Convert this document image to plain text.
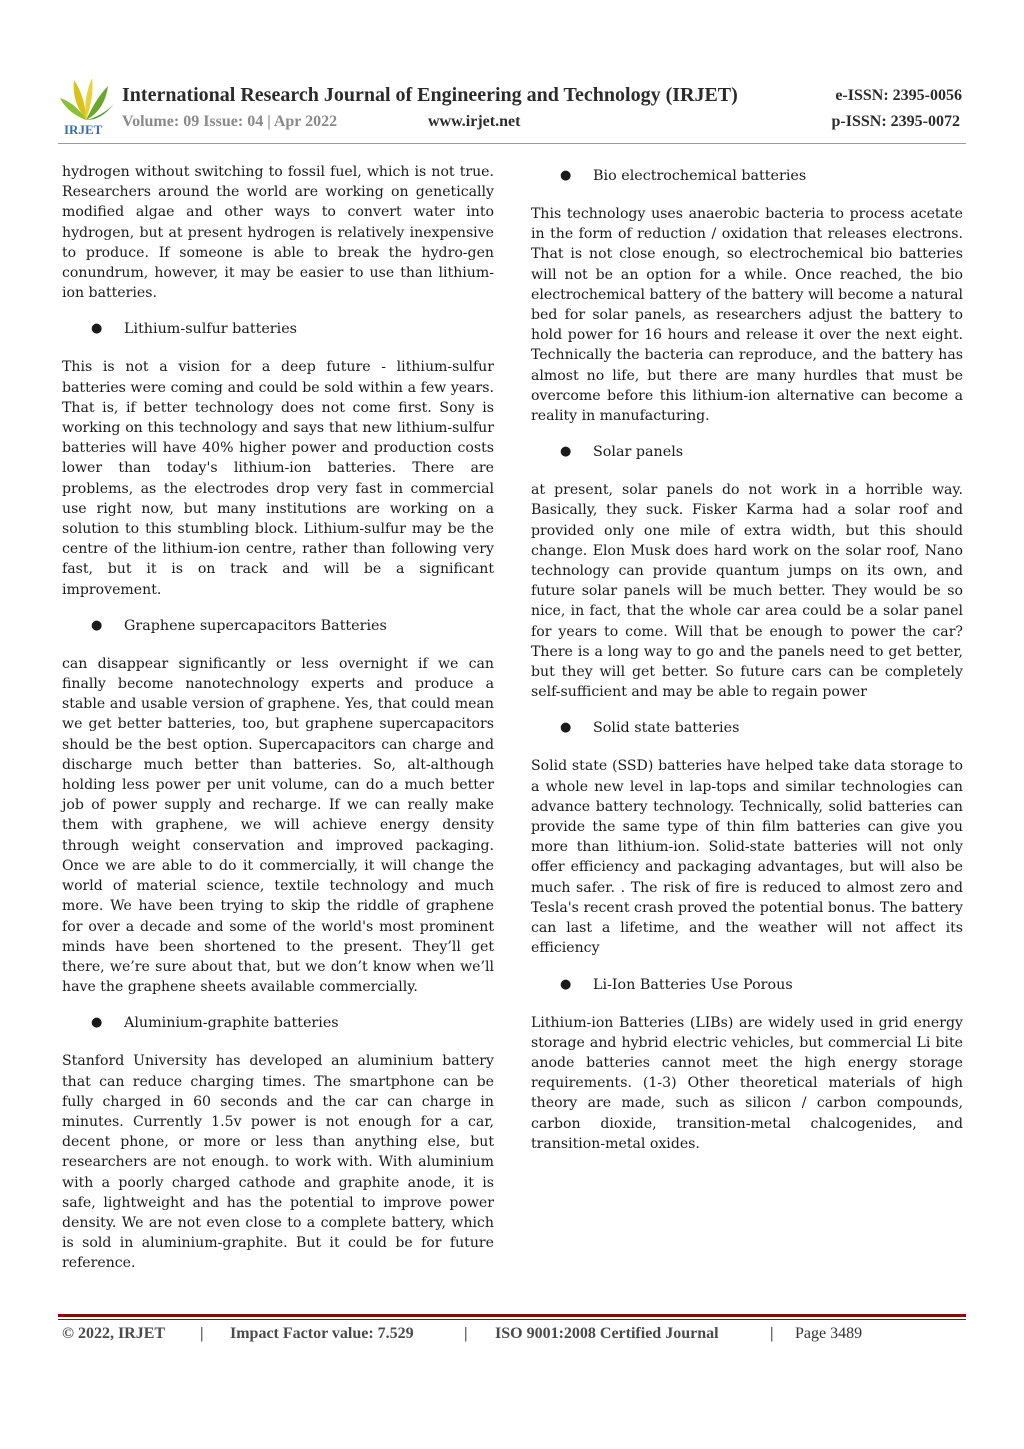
IRJET
International Research Journal of Engineering and Technology (IRJET)	e-ISSN: 2395-0056
Volume: 09 Issue: 04 | Apr 2022	www.irjet.net	p-ISSN: 2395-0072

hydrogen without switching to fossil fuel, which is not true. Researchers around the world are working on genetically modified algae and other ways to convert water into hydrogen, but at present hydrogen is relatively inexpensive to produce. If someone is able to break the hydro-gen conundrum, however, it may be easier to use than lithium-ion batteries.

● Lithium-sulfur batteries

This is not a vision for a deep future - lithium-sulfur batteries were coming and could be sold within a few years. That is, if better technology does not come first. Sony is working on this technology and says that new lithium-sulfur batteries will have 40% higher power and production costs lower than today's lithium-ion batteries. There are problems, as the electrodes drop very fast in commercial use right now, but many institutions are working on a solution to this stumbling block. Lithium-sulfur may be the centre of the lithium-ion centre, rather than following very fast, but it is on track and will be a significant improvement.

● Graphene supercapacitors Batteries

can disappear significantly or less overnight if we can finally become nanotechnology experts and produce a stable and usable version of graphene. Yes, that could mean we get better batteries, too, but graphene supercapacitors should be the best option. Supercapacitors can charge and discharge much better than batteries. So, alt-although holding less power per unit volume, can do a much better job of power supply and recharge. If we can really make them with graphene, we will achieve energy density through weight conservation and improved packaging. Once we are able to do it commercially, it will change the world of material science, textile technology and much more. We have been trying to skip the riddle of graphene for over a decade and some of the world's most prominent minds have been shortened to the present. They’ll get there, we’re sure about that, but we don’t know when we’ll have the graphene sheets available commercially.

● Aluminium-graphite batteries

Stanford University has developed an aluminium battery that can reduce charging times. The smartphone can be fully charged in 60 seconds and the car can charge in minutes. Currently 1.5v power is not enough for a car, decent phone, or more or less than anything else, but researchers are not enough. to work with. With aluminium with a poorly charged cathode and graphite anode, it is safe, lightweight and has the potential to improve power density. We are not even close to a complete battery, which is sold in aluminium-graphite. But it could be for future reference.

● Bio electrochemical batteries

This technology uses anaerobic bacteria to process acetate in the form of reduction / oxidation that releases electrons. That is not close enough, so electrochemical bio batteries will not be an option for a while. Once reached, the bio electrochemical battery of the battery will become a natural bed for solar panels, as researchers adjust the battery to hold power for 16 hours and release it over the next eight. Technically the bacteria can reproduce, and the battery has almost no life, but there are many hurdles that must be overcome before this lithium-ion alternative can become a reality in manufacturing.

● Solar panels

at present, solar panels do not work in a horrible way. Basically, they suck. Fisker Karma had a solar roof and provided only one mile of extra width, but this should change. Elon Musk does hard work on the solar roof, Nano technology can provide quantum jumps on its own, and future solar panels will be much better. They would be so nice, in fact, that the whole car area could be a solar panel for years to come. Will that be enough to power the car? There is a long way to go and the panels need to get better, but they will get better. So future cars can be completely self-sufficient and may be able to regain power

● Solid state batteries

Solid state (SSD) batteries have helped take data storage to a whole new level in lap-tops and similar technologies can advance battery technology. Technically, solid batteries can provide the same type of thin film batteries can give you more than lithium-ion. Solid-state batteries will not only offer efficiency and packaging advantages, but will also be much safer. . The risk of fire is reduced to almost zero and Tesla's recent crash proved the potential bonus. The battery can last a lifetime, and the weather will not affect its efficiency

● Li-Ion Batteries Use Porous

Lithium-ion Batteries (LIBs) are widely used in grid energy storage and hybrid electric vehicles, but commercial Li bite anode batteries cannot meet the high energy storage requirements. (1-3) Other theoretical materials of high theory are made, such as silicon / carbon compounds, carbon dioxide, transition-metal chalcogenides, and transition-metal oxides.

© 2022, IRJET | Impact Factor value: 7.529	| ISO 9001:2008 Certified Journal	| Page 3489
